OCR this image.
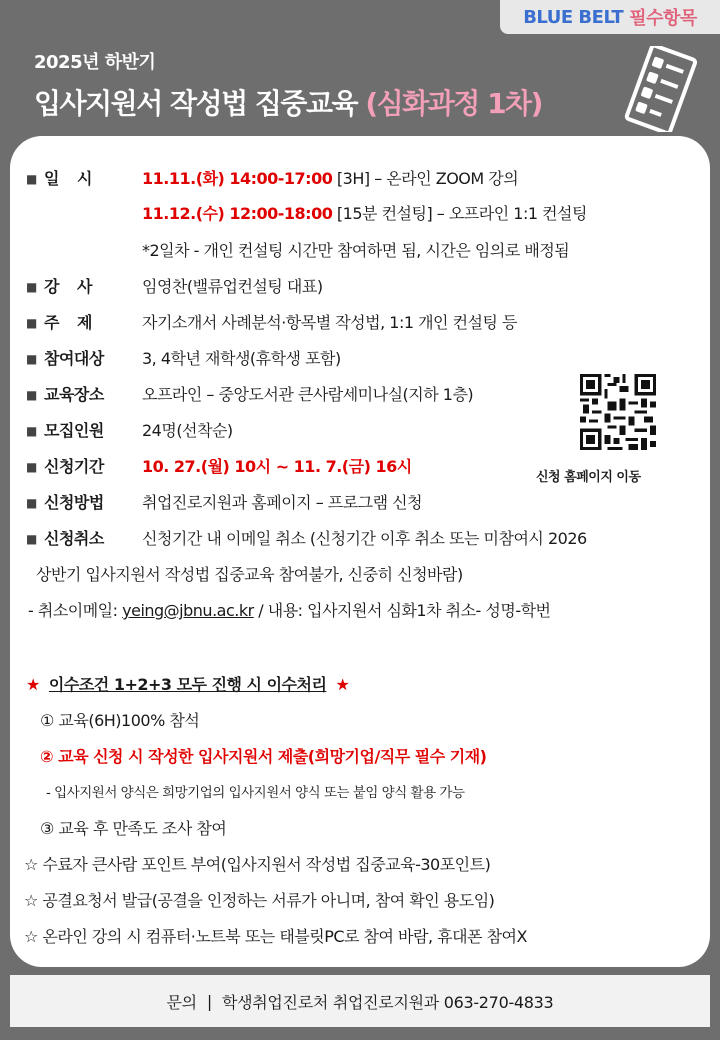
BLUE BELT 필수항목
2025년 하반기
입사지원서 작성법 집중교육 (심화과정 1차)
■ 일 시	11.11.(화) 14:00-17:00 [3H] – 온라인 ZOOM 강의
11.12.(수) 12:00-18:00 [15분 컨설팅] – 오프라인 1:1 컨설팅
*2일차 - 개인 컨설팅 시간만 참여하면 됨, 시간은 임의로 배정됨
■ 강 사	임영찬(밸류업컨설팅 대표)
■ 주 제	자기소개서 사례분석·항목별 작성법, 1:1 개인 컨설팅 등
■ 참여대상 3, 4학년 재학생(휴학생 포함)
■ 교육장소 오프라인 – 중앙도서관 큰사람세미나실(지하 1층)
■ 모집인원 24명(선착순)
■ 신청기간 10. 27.(월) 10시 ~ 11. 7.(금) 16시
■ 신청방법 취업진로지원과 홈페이지 – 프로그램 신청
■ 신청취소 신청기간 내 이메일 취소 (신청기간 이후 취소 또는 미참여시 2026
상반기 입사지원서 작성법 집중교육 참여불가, 신중히 신청바람)
- 취소이메일: yeing@jbnu.ac.kr / 내용: 입사지원서 심화1차 취소- 성명-학번
신청 홈페이지 이동
★ 이수조건 1+2+3 모두 진행 시 이수처리 ★
① 교육(6H)100% 참석
② 교육 신청 시 작성한 입사지원서 제출(희망기업/직무 필수 기재)
- 입사지원서 양식은 희망기업의 입사지원서 양식 또는 붙임 양식 활용 가능
③ 교육 후 만족도 조사 참여
☆ 수료자 큰사람 포인트 부여(입사지원서 작성법 집중교육-30포인트)
☆ 공결요청서 발급(공결을 인정하는 서류가 아니며, 참여 확인 용도임)
☆ 온라인 강의 시 컴퓨터·노트북 또는 태블릿PC로 참여 바람, 휴대폰 참여X
문의 | 학생취업진로처 취업진로지원과 063-270-4833
